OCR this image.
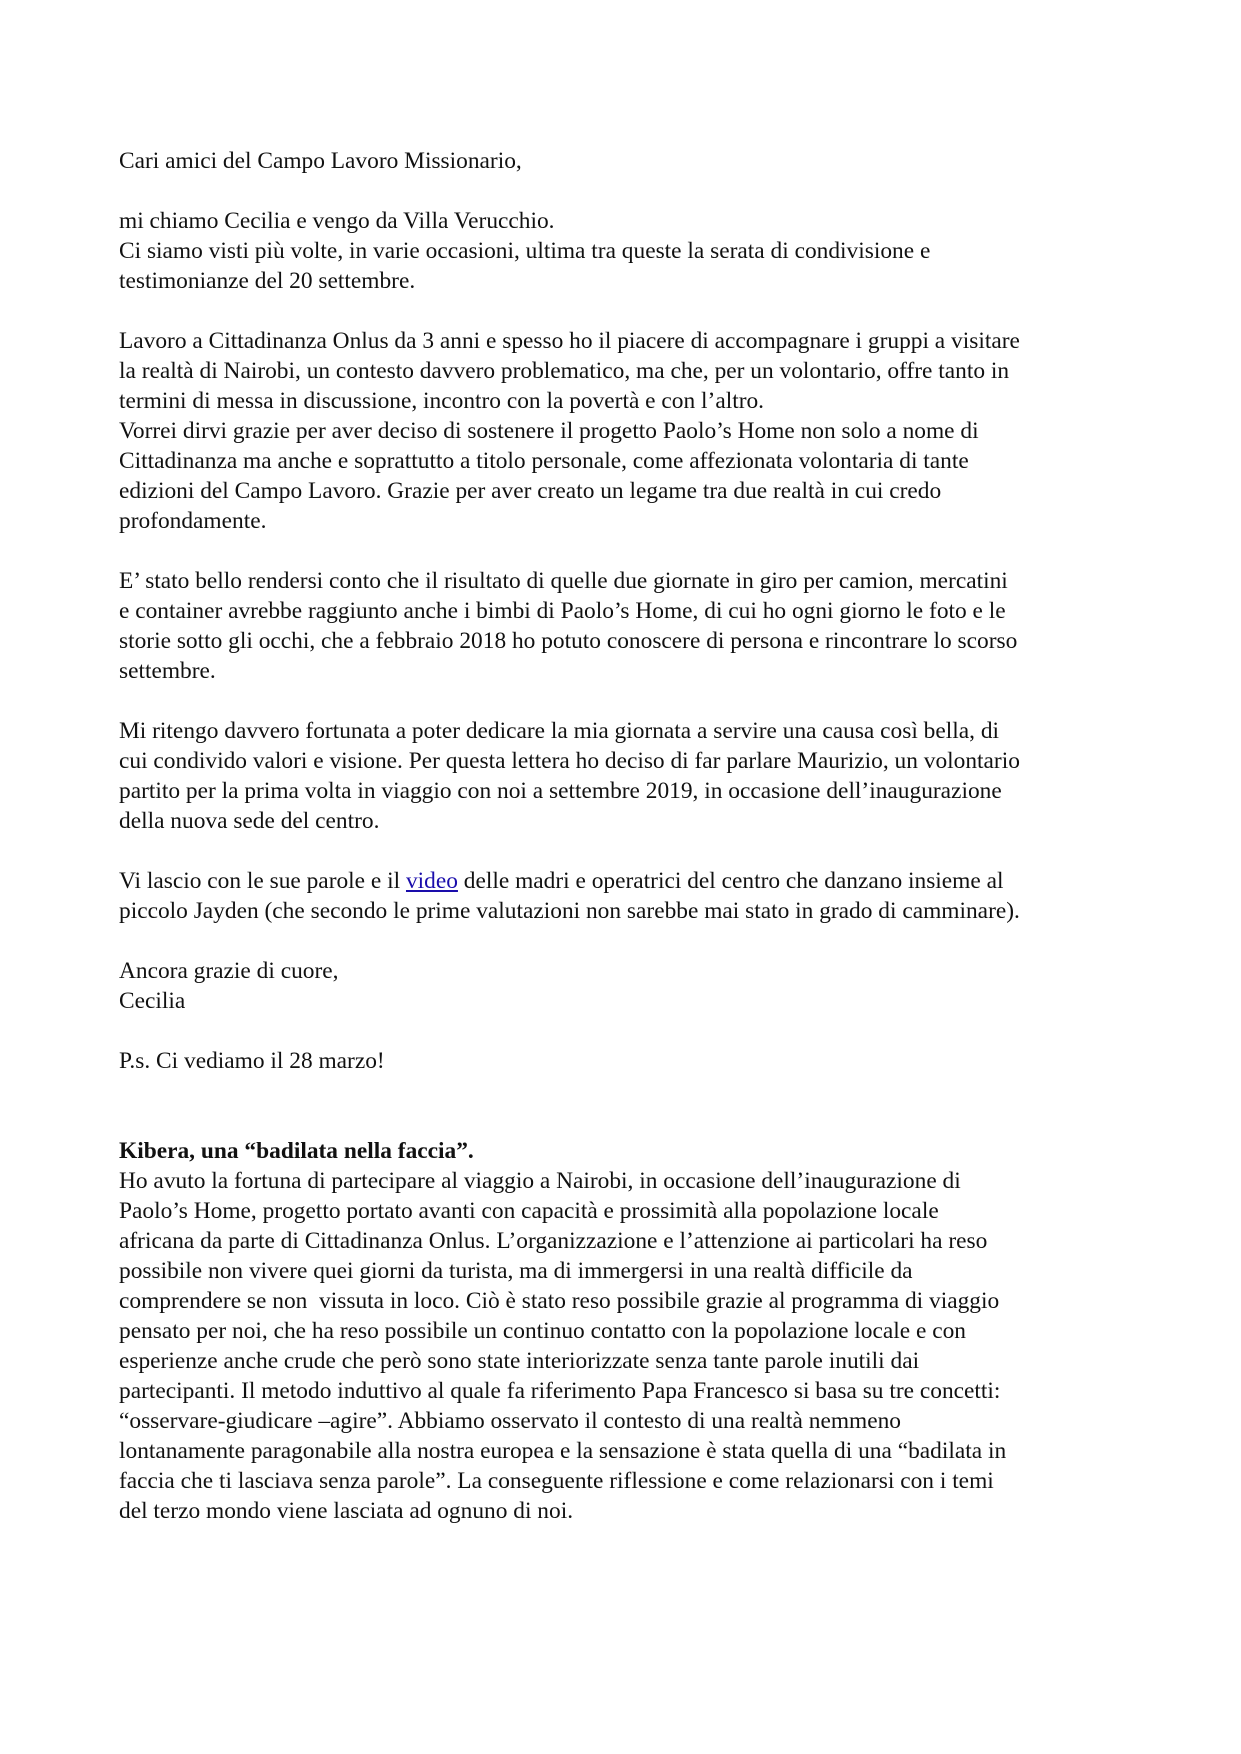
Cari amici del Campo Lavoro Missionario,

mi chiamo Cecilia e vengo da Villa Verucchio.

Ci siamo visti più volte, in varie occasioni, ultima tra queste la serata di condivisione e

testimonianze del 20 settembre.

Lavoro a Cittadinanza Onlus da 3 anni e spesso ho il piacere di accompagnare i gruppi a visitare

la realtà di Nairobi, un contesto davvero problematico, ma che, per un volontario, offre tanto in

termini di messa in discussione, incontro con la povertà e con l’altro.

Vorrei dirvi grazie per aver deciso di sostenere il progetto Paolo’s Home non solo a nome di

Cittadinanza ma anche e soprattutto a titolo personale, come affezionata volontaria di tante

edizioni del Campo Lavoro. Grazie per aver creato un legame tra due realtà in cui credo

profondamente.

E’ stato bello rendersi conto che il risultato di quelle due giornate in giro per camion, mercatini

e container avrebbe raggiunto anche i bimbi di Paolo’s Home, di cui ho ogni giorno le foto e le

storie sotto gli occhi, che a febbraio 2018 ho potuto conoscere di persona e rincontrare lo scorso

settembre.

Mi ritengo davvero fortunata a poter dedicare la mia giornata a servire una causa così bella, di

cui condivido valori e visione. Per questa lettera ho deciso di far parlare Maurizio, un volontario

partito per la prima volta in viaggio con noi a settembre 2019, in occasione dell’inaugurazione

della nuova sede del centro.

Vi lascio con le sue parole e il video delle madri e operatrici del centro che danzano insieme al

piccolo Jayden (che secondo le prime valutazioni non sarebbe mai stato in grado di camminare).

Ancora grazie di cuore,

Cecilia

P.s. Ci vediamo il 28 marzo!

Kibera, una “badilata nella faccia”.

Ho avuto la fortuna di partecipare al viaggio a Nairobi, in occasione dell’inaugurazione di

Paolo’s Home, progetto portato avanti con capacità e prossimità alla popolazione locale

africana da parte di Cittadinanza Onlus. L’organizzazione e l’attenzione ai particolari ha reso

possibile non vivere quei giorni da turista, ma di immergersi in una realtà difficile da

comprendere se non  vissuta in loco. Ciò è stato reso possibile grazie al programma di viaggio

pensato per noi, che ha reso possibile un continuo contatto con la popolazione locale e con

esperienze anche crude che però sono state interiorizzate senza tante parole inutili dai

partecipanti. Il metodo induttivo al quale fa riferimento Papa Francesco si basa su tre concetti:

“osservare-giudicare –agire”. Abbiamo osservato il contesto di una realtà nemmeno

lontanamente paragonabile alla nostra europea e la sensazione è stata quella di una “badilata in

faccia che ti lasciava senza parole”. La conseguente riflessione e come relazionarsi con i temi

del terzo mondo viene lasciata ad ognuno di noi.
